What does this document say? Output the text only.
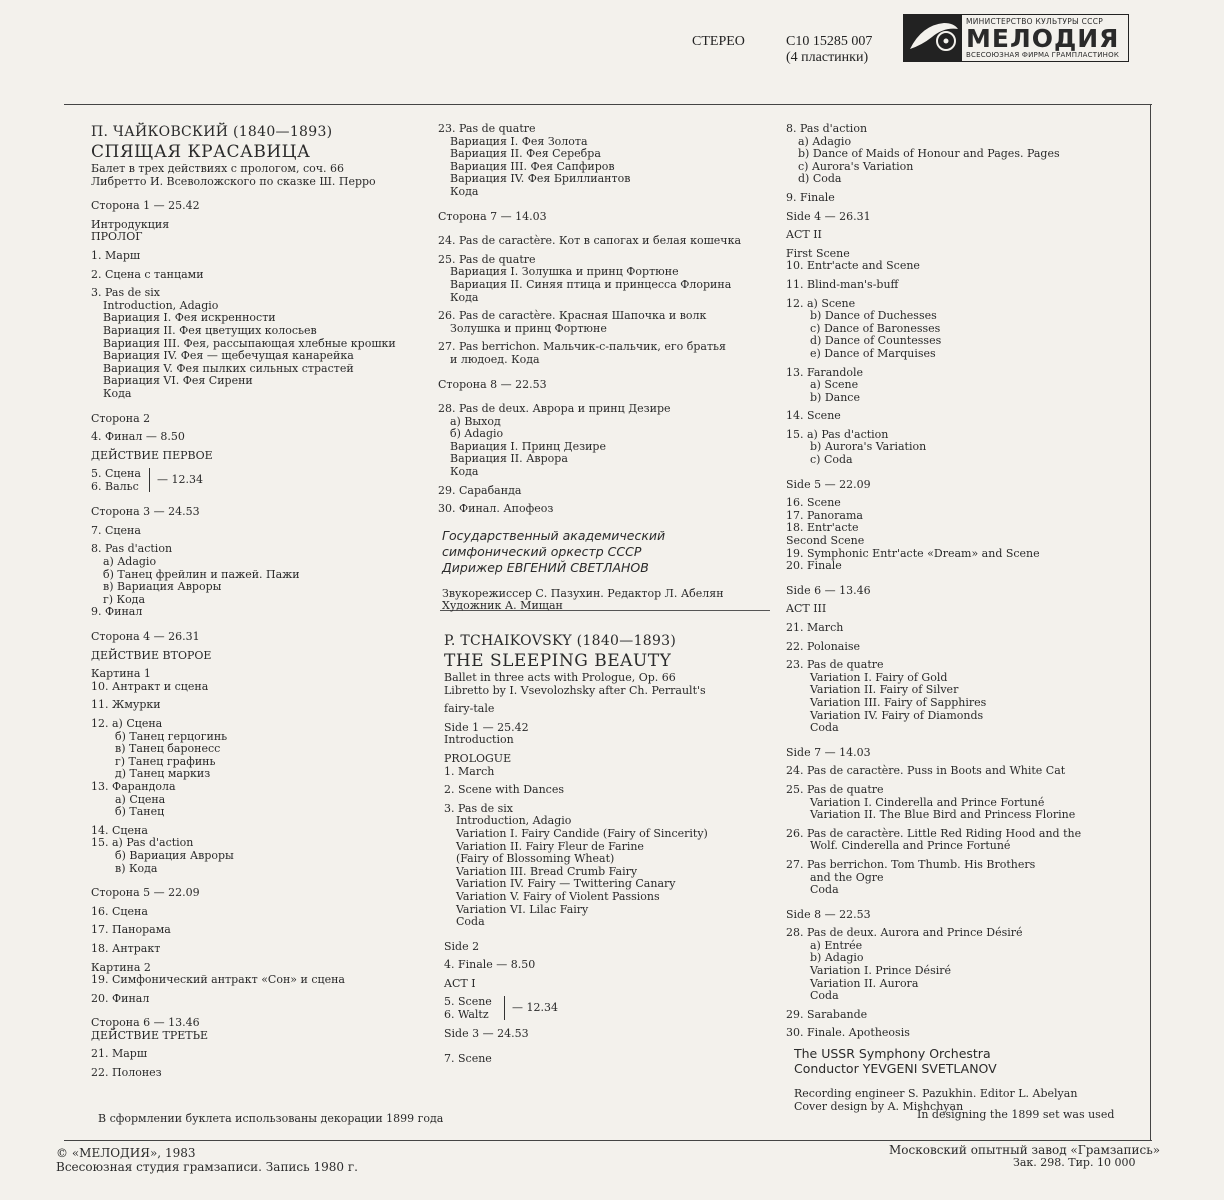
СТЕРЕО	С10 15285 007
(4 пластинки)
МИНИСТЕРСТВО КУЛЬТУРЫ СССР
МЕЛОДИЯ
ВСЕСОЮЗНАЯ ФИРМА ГРАМПЛАСТИНОК
П. ЧАЙКОВСКИЙ (1840—1893)
СПЯЩАЯ КРАСАВИЦА
Балет в трех действиях с прологом, соч. 66
Либретто И. Всеволожского по сказке Ш. Перро
Сторона 1 — 25.42
Интродукция
ПРОЛОГ
1. Марш
2. Сцена с танцами
3. Pas de six
Introduction, Adagio
Вариация I. Фея искренности
Вариация II. Фея цветущих колосьев
Вариация III. Фея, рассыпающая хлебные крошки
Вариация IV. Фея — щебечущая канарейка
Вариация V. Фея пылких сильных страстей
Вариация VI. Фея Сирени
Кода
Сторона 2
4. Финал — 8.50
ДЕЙСТВИЕ ПЕРВОЕ
5. Сцена
6. Вальс
— 12.34
Сторона 3 — 24.53
7. Сцена
8. Pas d'action
а) Adagio
б) Танец фрейлин и пажей. Пажи
в) Вариация Авроры
г) Кода
9. Финал
Сторона 4 — 26.31
ДЕЙСТВИЕ ВТОРОЕ
Картина 1
10. Антракт и сцена
11. Жмурки
12. а) Сцена
б) Танец герцогинь
в) Танец баронесс
г) Танец графинь
д) Танец маркиз
13. Фарандола
а) Сцена
б) Танец
14. Сцена
15. а) Pas d'action
б) Вариация Авроры
в) Кода
Сторона 5 — 22.09
16. Сцена
17. Панорама
18. Антракт
Картина 2
19. Симфонический антракт «Сон» и сцена
20. Финал
Сторона 6 — 13.46
ДЕЙСТВИЕ ТРЕТЬЕ
21. Марш
22. Полонез
23. Pas de quatre
Вариация I. Фея Золота
Вариация II. Фея Серебра
Вариация III. Фея Сапфиров
Вариация IV. Фея Бриллиантов
Кода
Сторона 7 — 14.03
24. Pas de caractère. Кот в сапогах и белая кошечка
25. Pas de quatre
Вариация I. Золушка и принц Фортюне
Вариация II. Синяя птица и принцесса Флорина
Кода
26. Pas de caractère. Красная Шапочка и волк
Золушка и принц Фортюне
27. Pas berrichon. Мальчик-с-пальчик, его братья
и людоед. Кода
Сторона 8 — 22.53
28. Pas de deux. Аврора и принц Дезире
а) Выход
б) Adagio
Вариация I. Принц Дезире
Вариация II. Аврора
Кода
29. Сарабанда
30. Финал. Апофеоз
Государственный академический
симфонический оркестр СССР
Дирижер ЕВГЕНИЙ СВЕТЛАНОВ
Звукорежиссер С. Пазухин. Редактор Л. Абелян
Художник А. Мищан
P. TCHAIKOVSKY (1840—1893)
THE SLEEPING BEAUTY
Ballet in three acts with Prologue, Op. 66
Libretto by I. Vsevolozhsky after Ch. Perrault's
fairy-tale
Side 1 — 25.42
Introduction
PROLOGUE
1. March
2. Scene with Dances
3. Pas de six
Introduction, Adagio
Variation I. Fairy Candide (Fairy of Sincerity)
Variation II. Fairy Fleur de Farine
(Fairy of Blossoming Wheat)
Variation III. Bread Crumb Fairy
Variation IV. Fairy — Twittering Canary
Variation V. Fairy of Violent Passions
Variation VI. Lilac Fairy
Coda
Side 2
4. Finale — 8.50
ACT I
5. Scene
6. Waltz
— 12.34
Side 3 — 24.53
7. Scene
8. Pas d'action
a) Adagio
b) Dance of Maids of Honour and Pages. Pages
c) Aurora's Variation
d) Coda
9. Finale
Side 4 — 26.31
ACT II
First Scene
10. Entr'acte and Scene
11. Blind-man's-buff
12. a) Scene
b) Dance of Duchesses
c) Dance of Baronesses
d) Dance of Countesses
e) Dance of Marquises
13. Farandole
a) Scene
b) Dance
14. Scene
15. a) Pas d'action
b) Aurora's Variation
c) Coda
Side 5 — 22.09
16. Scene
17. Panorama
18. Entr'acte
Second Scene
19. Symphonic Entr'acte «Dream» and Scene
20. Finale
Side 6 — 13.46
ACT III
21. March
22. Polonaise
23. Pas de quatre
Variation I. Fairy of Gold
Variation II. Fairy of Silver
Variation III. Fairy of Sapphires
Variation IV. Fairy of Diamonds
Coda
Side 7 — 14.03
24. Pas de caractère. Puss in Boots and White Cat
25. Pas de quatre
Variation I. Cinderella and Prince Fortuné
Variation II. The Blue Bird and Princess Florine
26. Pas de caractère. Little Red Riding Hood and the
Wolf. Cinderella and Prince Fortuné
27. Pas berrichon. Tom Thumb. His Brothers
and the Ogre
Coda
Side 8 — 22.53
28. Pas de deux. Aurora and Prince Désiré
a) Entrée
b) Adagio
Variation I. Prince Désiré
Variation II. Aurora
Coda
29. Sarabande
30. Finale. Apotheosis
The USSR Symphony Orchestra
Conductor YEVGENI SVETLANOV
Recording engineer S. Pazukhin. Editor L. Abelyan
Cover design by A. Mishchyan
В сформлении буклета использованы декорации 1899 года	In designing the 1899 set was used
© «МЕЛОДИЯ», 1983
Всесоюзная студия грамзаписи. Запись 1980 г.
Московский опытный завод «Грамзапись»
Зак. 298. Тир. 10 000
